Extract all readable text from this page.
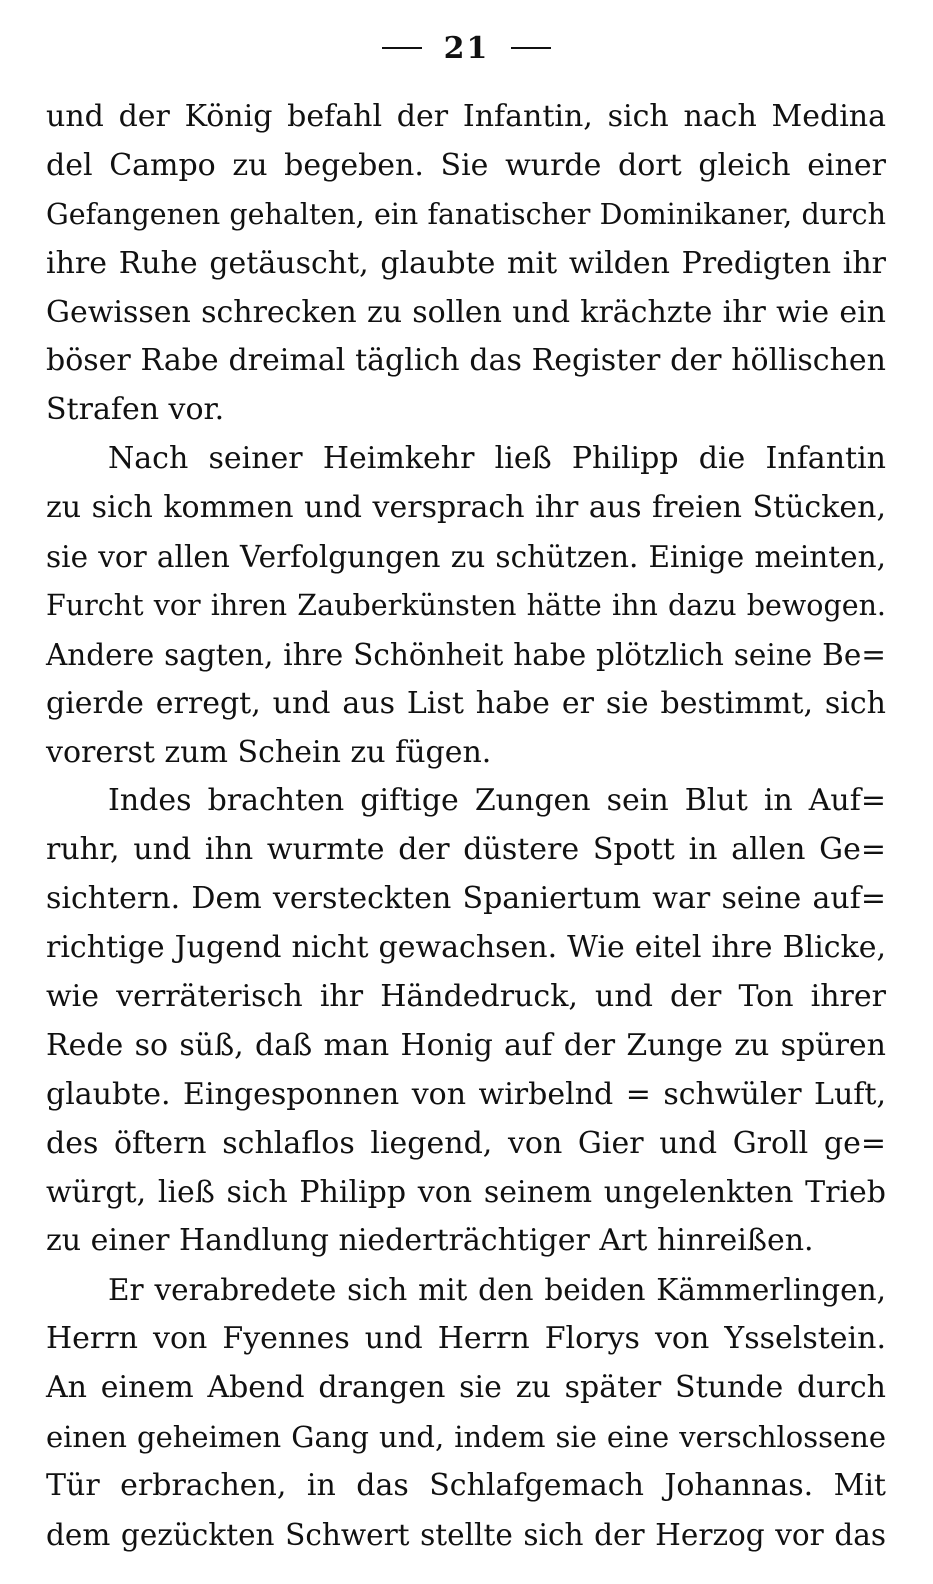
21
und der König befahl der Infantin, sich nach Medina
del Campo zu begeben. Sie wurde dort gleich einer
Gefangenen gehalten, ein fanatischer Dominikaner, durch
ihre Ruhe getäuscht, glaubte mit wilden Predigten ihr
Gewissen schrecken zu sollen und krächzte ihr wie ein
böser Rabe dreimal täglich das Register der höllischen
Strafen vor.
Nach seiner Heimkehr ließ Philipp die Infantin
zu sich kommen und versprach ihr aus freien Stücken,
sie vor allen Verfolgungen zu schützen. Einige meinten,
Furcht vor ihren Zauberkünsten hätte ihn dazu bewogen.
Andere sagten, ihre Schönheit habe plötzlich seine Be=
gierde erregt, und aus List habe er sie bestimmt, sich
vorerst zum Schein zu fügen.
Indes brachten giftige Zungen sein Blut in Auf=
ruhr, und ihn wurmte der düstere Spott in allen Ge=
sichtern. Dem versteckten Spaniertum war seine auf=
richtige Jugend nicht gewachsen. Wie eitel ihre Blicke,
wie verräterisch ihr Händedruck, und der Ton ihrer
Rede so süß, daß man Honig auf der Zunge zu spüren
glaubte. Eingesponnen von wirbelnd = schwüler Luft,
des öftern schlaflos liegend, von Gier und Groll ge=
würgt, ließ sich Philipp von seinem ungelenkten Trieb
zu einer Handlung niederträchtiger Art hinreißen.
Er verabredete sich mit den beiden Kämmerlingen,
Herrn von Fyennes und Herrn Florys von Ysselstein.
An einem Abend drangen sie zu später Stunde durch
einen geheimen Gang und, indem sie eine verschlossene
Tür erbrachen, in das Schlafgemach Johannas. Mit
dem gezückten Schwert stellte sich der Herzog vor das
